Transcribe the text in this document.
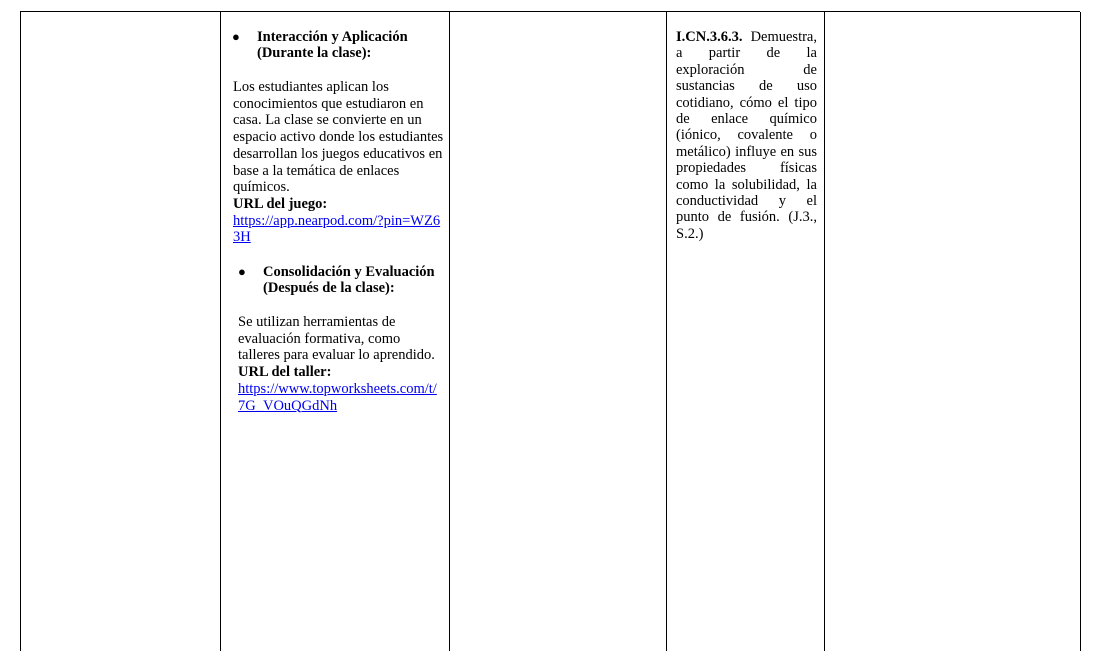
● Interacción y Aplicación
(Durante la clase):

Los estudiantes aplican los

conocimientos que estudiaron en

casa. La clase se convierte en un

espacio activo donde los estudiantes

desarrollan los juegos educativos en

base a la temática de enlaces

químicos.

URL del juego:

https://app.nearpod.com/?pin=WZ6

3H

● Consolidación y Evaluación
(Después de la clase):

Se utilizan herramientas de

evaluación formativa, como

talleres para evaluar lo aprendido.

URL del taller:

https://www.topworksheets.com/t/

7G_VOuQGdNh

I.CN.3.6.3. Demuestra, a partir de la exploración de sustancias de uso cotidiano, cómo el tipo de enlace químico (iónico, covalente o metálico) influye en sus propiedades físicas como la solubilidad, la conductividad y el punto de fusión. (J.3., S.2.)
